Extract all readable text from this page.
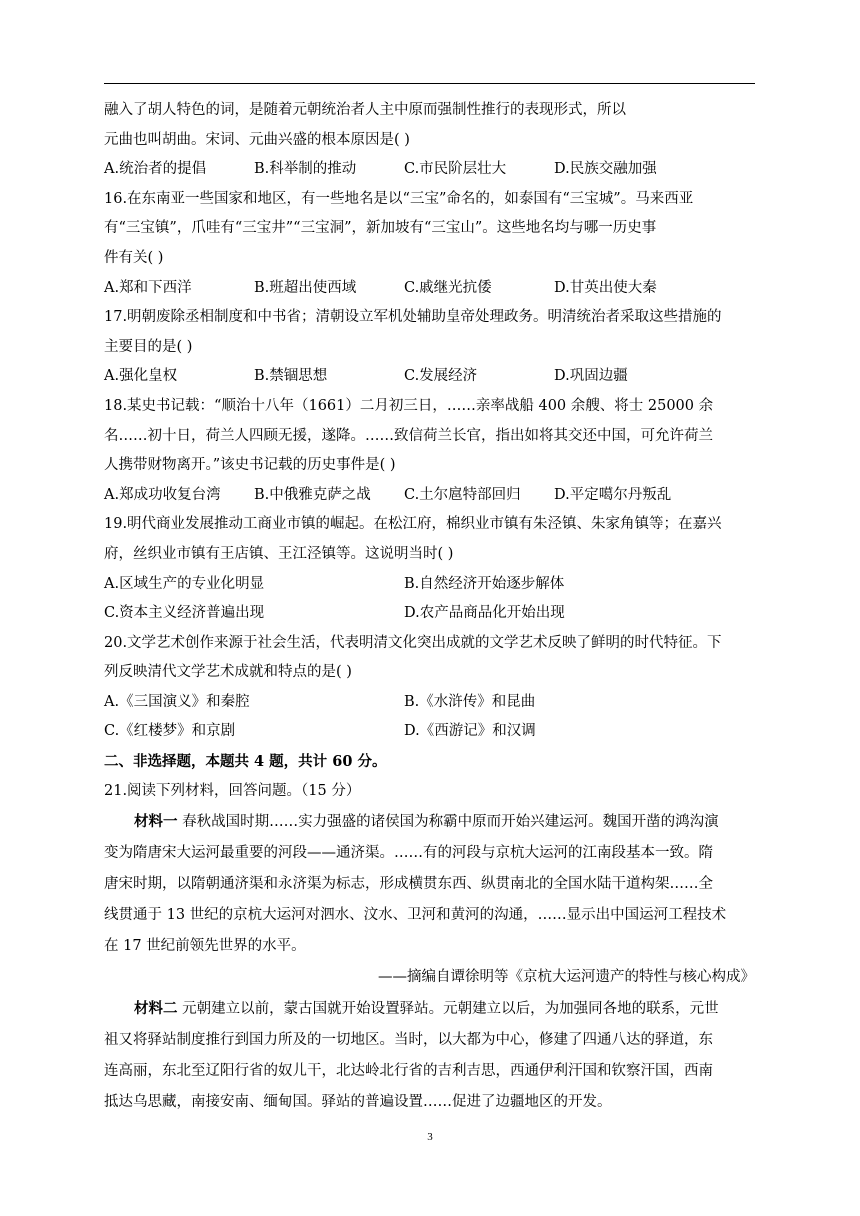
融入了胡人特色的词，是随着元朝统治者人主中原而强制性推行的表现形式，所以
元曲也叫胡曲。宋词、元曲兴盛的根本原因是( )
A.统治者的提倡	B.科举制的推动	C.市民阶层壮大	D.民族交融加强
16.在东南亚一些国家和地区，有一些地名是以“三宝”命名的，如泰国有“三宝城”。马来西亚
有“三宝镇”，爪哇有“三宝井”“三宝洞”，新加坡有“三宝山”。这些地名均与哪一历史事
件有关( )
A.郑和下西洋	B.班超出使西域	C.戚继光抗倭	D.甘英出使大秦
17.明朝废除丞相制度和中书省；清朝设立军机处辅助皇帝处理政务。明清统治者采取这些措施的
主要目的是( )
A.强化皇权	B.禁锢思想	C.发展经济	D.巩固边疆
18.某史书记载：“顺治十八年（1661）二月初三日，……亲率战船 400 余艘、将士 25000 余
名……初十日，荷兰人四顾无援，遂降。……致信荷兰长官，指出如将其交还中国，可允许荷兰
人携带财物离开。”该史书记载的历史事件是( )
A.郑成功收复台湾	B.中俄雅克萨之战	C.土尔扈特部回归	D.平定噶尔丹叛乱
19.明代商业发展推动工商业市镇的崛起。在松江府，棉织业市镇有朱泾镇、朱家角镇等；在嘉兴
府，丝织业市镇有王店镇、王江泾镇等。这说明当时( )
A.区域生产的专业化明显	B.自然经济开始逐步解体
C.资本主义经济普遍出现	D.农产品商品化开始出现
20.文学艺术创作来源于社会生活，代表明清文化突出成就的文学艺术反映了鲜明的时代特征。下
列反映清代文学艺术成就和特点的是( )
A.《三国演义》和秦腔	B.《水浒传》和昆曲
C.《红楼梦》和京剧	D.《西游记》和汉调
二、非选择题，本题共 4 题，共计 60 分。
21.阅读下列材料，回答问题。（15 分）
材料一 春秋战国时期……实力强盛的诸侯国为称霸中原而开始兴建运河。魏国开凿的鸿沟演
变为隋唐宋大运河最重要的河段——通济渠。……有的河段与京杭大运河的江南段基本一致。隋
唐宋时期，以隋朝通济渠和永济渠为标志，形成横贯东西、纵贯南北的全国水陆干道构架……全
线贯通于 13 世纪的京杭大运河对泗水、汶水、卫河和黄河的沟通，……显示出中国运河工程技术
在 17 世纪前领先世界的水平。
——摘编自谭徐明等《京杭大运河遗产的特性与核心构成》
材料二 元朝建立以前，蒙古国就开始设置驿站。元朝建立以后，为加强同各地的联系，元世
祖又将驿站制度推行到国力所及的一切地区。当时，以大都为中心，修建了四通八达的驿道，东
连高丽，东北至辽阳行省的奴儿干，北达岭北行省的吉利吉思，西通伊利汗国和钦察汗国，西南
抵达乌思藏，南接安南、缅甸国。驿站的普遍设置……促进了边疆地区的开发。
3
